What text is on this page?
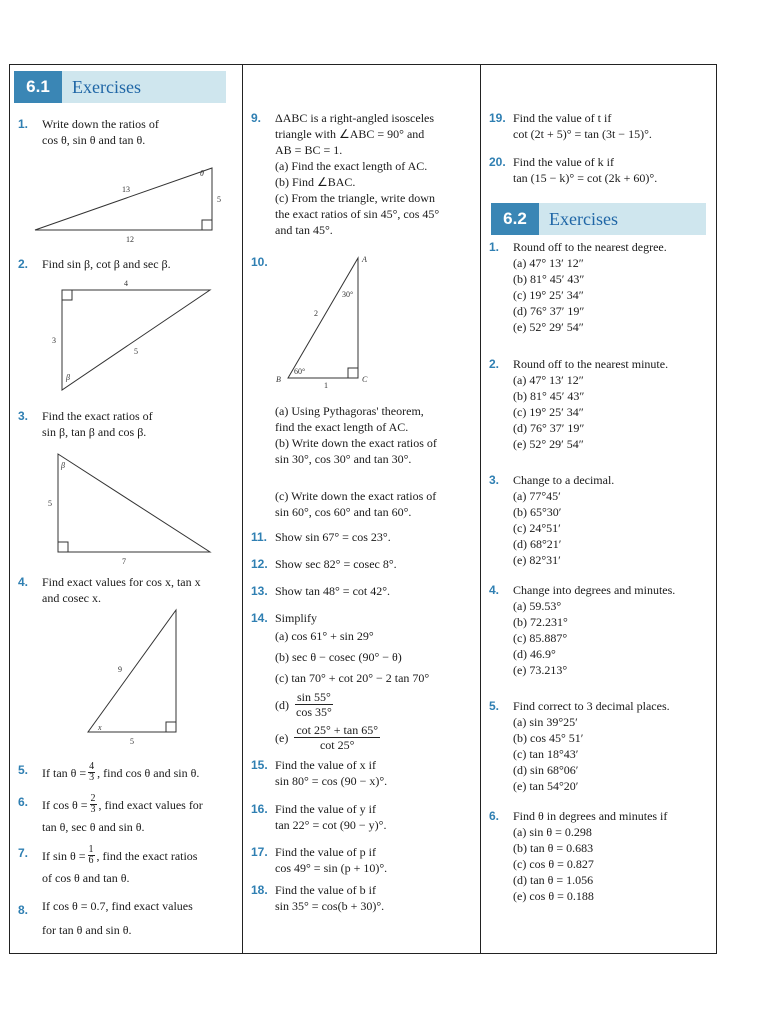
6.1	Exercises
1. Write down the ratios of
cos θ, sin θ and tan θ.
13
5
12
θ
2. Find sin β, cot β and sec β.
4
3
5
β
3. Find the exact ratios of
sin β, tan β and cos β.
5
7
β
4. Find exact values for cos x, tan x
and cosec x.
9
5
x
5. If $\tan \theta = \frac{4}{3}$ , find cos θ and sin θ.
6. If $\cos \theta = \frac{2}{3}$ , find exact values for
tan θ, sec θ and sin θ.
7. If $\sin \theta = \frac{1}{6}$ , find the exact ratios
of cos θ and tan θ.
8. If cos θ = 0.7, find exact values
for tan θ and sin θ.
9. ΔABC is a right-angled isosceles
triangle with ∠ABC = 90° and
AB = BC = 1.
(a) Find the exact length of AC.
(b) Find ∠BAC.
(c) From the triangle, write down
the exact ratios of sin 45°, cos 45°
and tan 45°.
10.	A
B	C
2
1
30°
60°
(a) Using Pythagoras' theorem,
find the exact length of AC.
(b) Write down the exact ratios of
sin 30°, cos 30° and tan 30°.
(c) Write down the exact ratios of
sin 60°, cos 60° and tan 60°.
11. Show sin 67° = cos 23°.
12. Show sec 82° = cosec 8°.
13. Show tan 48° = cot 42°.
14. Simplify
(a) cos 61° + sin 29°
(b) sec θ − cosec (90° − θ)
(c) tan 70° + cot 20° − 2 tan 70°
$(d) \frac{\sin 55^\circ}{\cos 35^\circ}$
$(e) \frac{\cot 25^\circ + \tan 65^\circ}{\cot 25^\circ}$
15. Find the value of x if
sin 80° = cos (90 − x)°.
16. Find the value of y if
tan 22° = cot (90 − y)°.
17. Find the value of p if
cos 49° = sin (p + 10)°.
18. Find the value of b if
sin 35° = cos(b + 30)°.
19. Find the value of t if
cot (2t + 5)° = tan (3t − 15)°.
20. Find the value of k if
tan (15 − k)° = cot (2k + 60)°.
6.2	Exercises
1. Round off to the nearest degree.
(a) 47° 13′ 12″
(b) 81° 45′ 43″
(c) 19° 25′ 34″
(d) 76° 37′ 19″
(e) 52° 29′ 54″
2. Round off to the nearest minute.
(a) 47° 13′ 12″
(b) 81° 45′ 43″
(c) 19° 25′ 34″
(d) 76° 37′ 19″
(e) 52° 29′ 54″
3. Change to a decimal.
(a) 77°45′
(b) 65°30′
(c) 24°51′
(d) 68°21′
(e) 82°31′
4. Change into degrees and minutes.
(a) 59.53°
(b) 72.231°
(c) 85.887°
(d) 46.9°
(e) 73.213°
5. Find correct to 3 decimal places.
(a) sin 39°25′
(b) cos 45° 51′
(c) tan 18°43′
(d) sin 68°06′
(e) tan 54°20′
6. Find θ in degrees and minutes if
(a) sin θ = 0.298
(b) tan θ = 0.683
(c) cos θ = 0.827
(d) tan θ = 1.056
(e) cos θ = 0.188
